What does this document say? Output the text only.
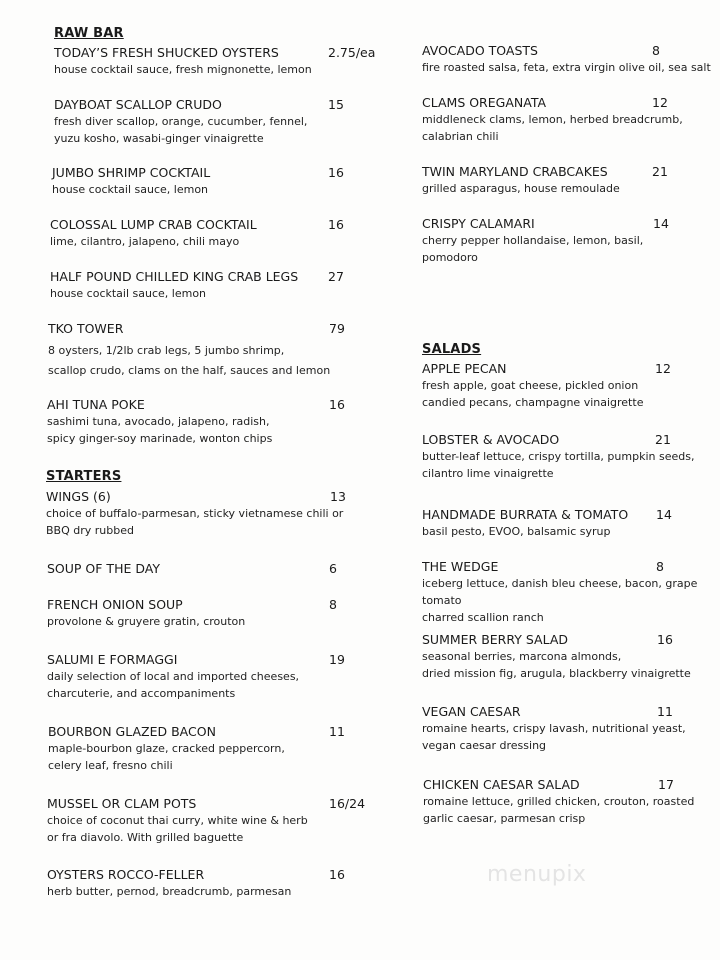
RAW BAR
TODAY’S FRESH SHUCKED OYSTERS
house cocktail sauce, fresh mignonette, lemon
2.75/ea
DAYBOAT SCALLOP CRUDO
fresh diver scallop, orange, cucumber, fennel,
yuzu kosho, wasabi-ginger vinaigrette
15
JUMBO SHRIMP COCKTAIL
house cocktail sauce, lemon
16
COLOSSAL LUMP CRAB COCKTAIL
lime, cilantro, jalapeno, chili mayo
16
HALF POUND CHILLED KING CRAB LEGS
house cocktail sauce, lemon
27
TKO TOWER
8 oysters, 1/2lb crab legs, 5 jumbo shrimp,
scallop crudo, clams on the half, sauces and lemon
79
AHI TUNA POKE
sashimi tuna, avocado, jalapeno, radish,
spicy ginger-soy marinade, wonton chips
16
STARTERS
WINGS (6)
choice of buffalo-parmesan, sticky vietnamese chili or
BBQ dry rubbed
13
SOUP OF THE DAY	6
FRENCH ONION SOUP
provolone & gruyere gratin, crouton
8
SALUMI E FORMAGGI
daily selection of local and imported cheeses,
charcuterie, and accompaniments
19
BOURBON GLAZED BACON
maple-bourbon glaze, cracked peppercorn,
celery leaf, fresno chili
11
MUSSEL OR CLAM POTS
choice of coconut thai curry, white wine & herb
or fra diavolo. With grilled baguette
16/24
OYSTERS ROCCO-FELLER
herb butter, pernod, breadcrumb, parmesan
16
AVOCADO TOASTS
fire roasted salsa, feta, extra virgin olive oil, sea salt
8
CLAMS OREGANATA
middleneck clams, lemon, herbed breadcrumb,
calabrian chili
12
TWIN MARYLAND CRABCAKES
grilled asparagus, house remoulade
21
CRISPY CALAMARI
cherry pepper hollandaise, lemon, basil,
pomodoro
14
SALADS
APPLE PECAN
fresh apple, goat cheese, pickled onion
candied pecans, champagne vinaigrette
12
LOBSTER & AVOCADO
butter-leaf lettuce, crispy tortilla, pumpkin seeds,
cilantro lime vinaigrette
21
HANDMADE BURRATA & TOMATO
basil pesto, EVOO, balsamic syrup
14
THE WEDGE
iceberg lettuce, danish bleu cheese, bacon, grape tomato
charred scallion ranch
8
SUMMER BERRY SALAD
seasonal berries, marcona almonds,
dried mission fig, arugula, blackberry vinaigrette
16
VEGAN CAESAR
romaine hearts, crispy lavash, nutritional yeast,
vegan caesar dressing
11
CHICKEN CAESAR SALAD
romaine lettuce, grilled chicken, crouton, roasted
garlic caesar, parmesan crisp
17
menupix
